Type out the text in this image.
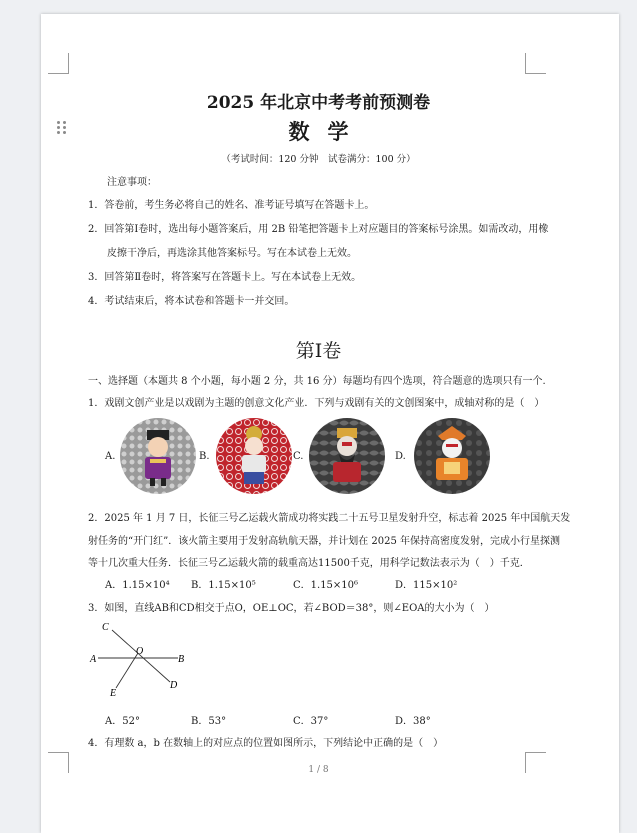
2025 年北京中考考前预测卷
数学
（考试时间：120 分钟　试卷满分：100 分）
注意事项：
1．答卷前，考生务必将自己的姓名、准考证号填写在答题卡上。
2．回答第Ⅰ卷时，选出每小题答案后，用 2B 铅笔把答题卡上对应题目的答案标号涂黑。如需改动，用橡
皮擦干净后，再选涂其他答案标号。写在本试卷上无效。
3．回答第Ⅱ卷时，将答案写在答题卡上。写在本试卷上无效。
4．考试结束后，将本试卷和答题卡一并交回。
第Ⅰ卷
一、选择题（本题共 8 个小题，每小题 2 分，共 16 分）每题均有四个选项，符合题意的选项只有一个.
1．戏剧文创产业是以戏剧为主题的创意文化产业．下列与戏剧有关的文创图案中，成轴对称的是（　）
A.	B.	C.	D.
2．2025 年 1 月 7 日，长征三号乙运载火箭成功将实践二十五号卫星发射升空，标志着 2025 年中国航天发
射任务的“开门红”．该火箭主要用于发射高轨航天器，并计划在 2025 年保持高密度发射，完成小行星探测
等十几次重大任务．长征三号乙运载火箭的载重高达11500千克，用科学记数法表示为（　）千克．
A．1.15×10⁴ B．1.15×10⁵	C．1.15×10⁶	D．115×10²
3．如图，直线AB和CD相交于点O，OE⊥OC，若∠BOD＝38°，则∠EOA的大小为（　）
C
O
A	B
E
D
A．52°	B．53°	C．37°	D．38°
4．有理数 a，b 在数轴上的对应点的位置如图所示，下列结论中正确的是（　）
1 / 8
